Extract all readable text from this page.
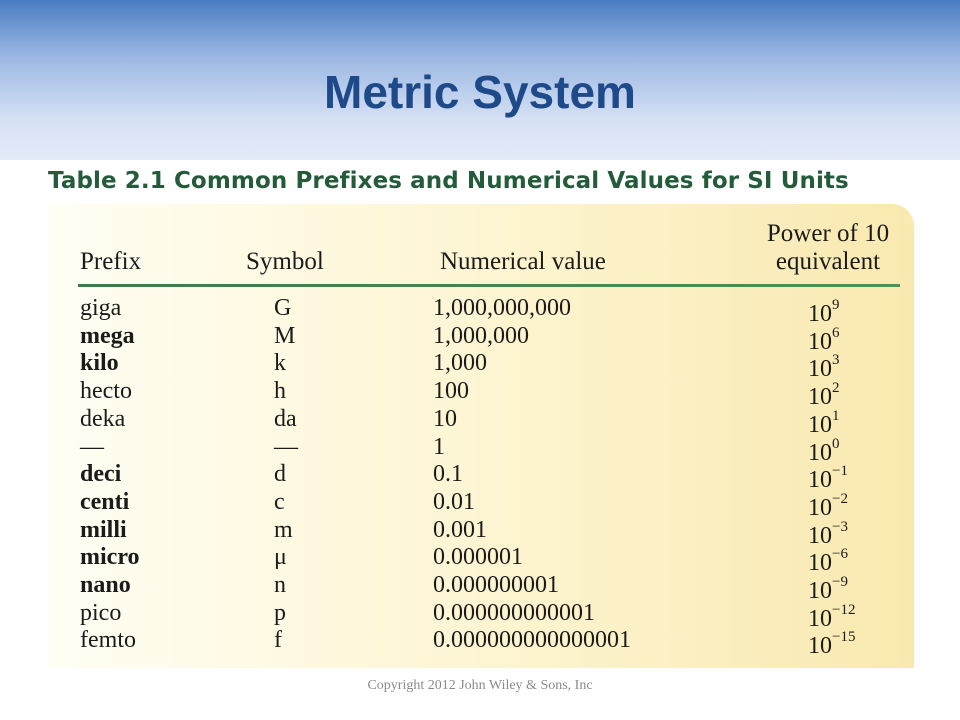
Metric System
Table 2.1 Common Prefixes and Numerical Values for SI Units
Prefix	Symbol	Numerical value
Power of 10
equivalent
giga	G	1,000,000,000	$10^9$
mega	M	1,000,000	$10^6$
kilo	k	1,000	$10^3$
hecto	h	100	$10^2$
deka	da	10	$10^1$
—	—	1	$10^0$
deci	d	0.1	$10^{-1}$
centi	c	0.01	$10^{-2}$
milli	m	0.001	$10^{-3}$
micro	μ	0.000001	$10^{-6}$
nano	n	0.000000001	$10^{-9}$
pico	p	0.000000000001	$10^{-12}$
femto	f	0.000000000000001	$10^{-15}$
Copyright 2012 John Wiley & Sons, Inc
